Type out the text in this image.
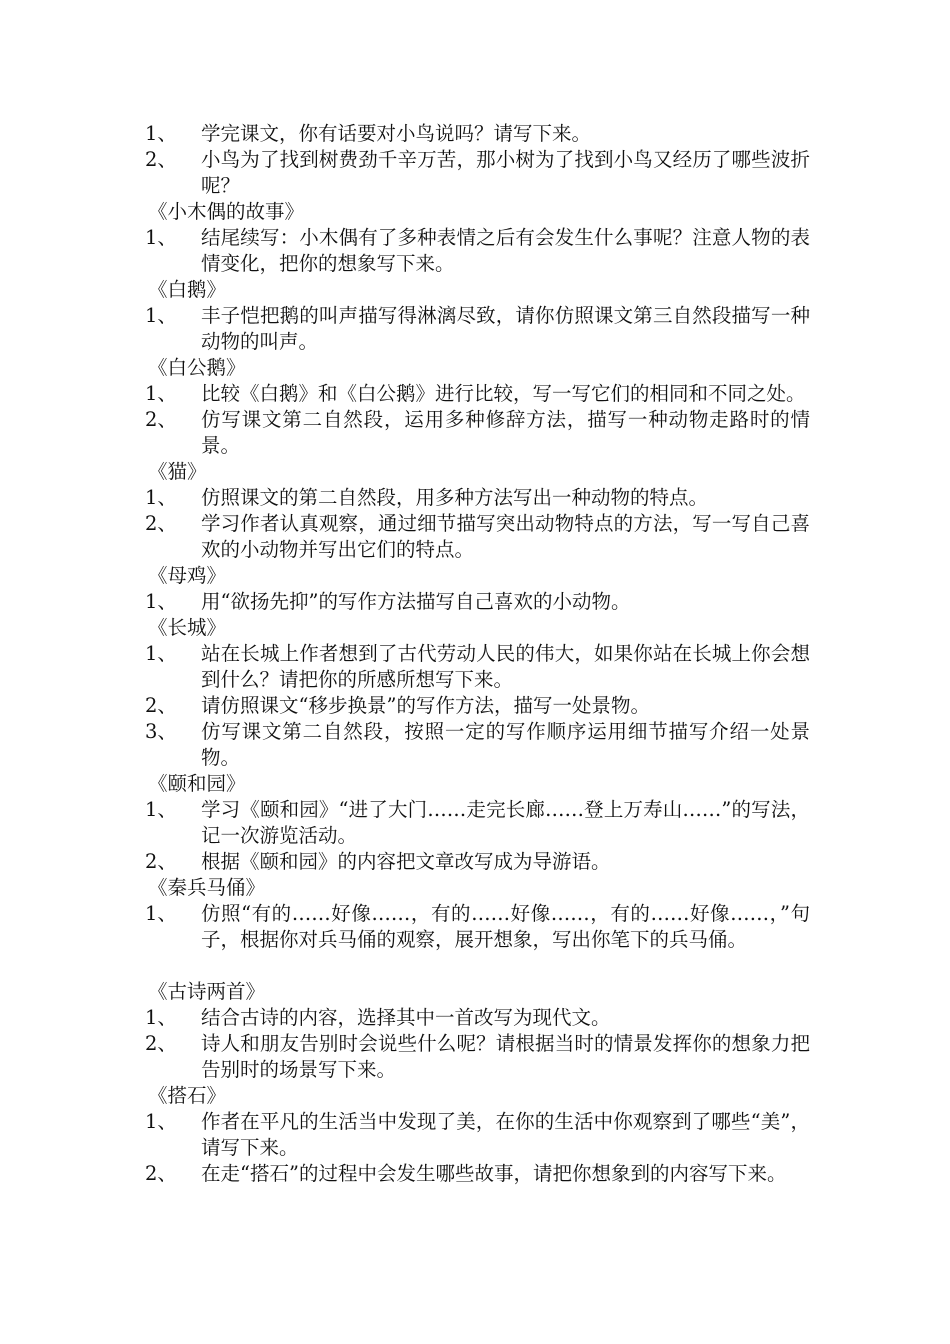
1、	学完课文，你有话要对小鸟说吗？请写下来。
2、	小鸟为了找到树费劲千辛万苦，那小树为了找到小鸟又经历了哪些波折呢？

《小木偶的故事》

1、	结尾续写：小木偶有了多种表情之后有会发生什么事呢？注意人物的表情变化，把你的想象写下来。

《白鹅》

1、	丰子恺把鹅的叫声描写得淋漓尽致，请你仿照课文第三自然段描写一种动物的叫声。

《白公鹅》

1、	比较《白鹅》和《白公鹅》进行比较，写一写它们的相同和不同之处。
2、	仿写课文第二自然段，运用多种修辞方法，描写一种动物走路时的情景。

《猫》

1、	仿照课文的第二自然段，用多种方法写出一种动物的特点。
2、	学习作者认真观察，通过细节描写突出动物特点的方法，写一写自己喜欢的小动物并写出它们的特点。

《母鸡》

1、	用“欲扬先抑”的写作方法描写自己喜欢的小动物。

《长城》

1、	站在长城上作者想到了古代劳动人民的伟大，如果你站在长城上你会想到什么？请把你的所感所想写下来。
2、	请仿照课文“移步换景”的写作方法，描写一处景物。
3、	仿写课文第二自然段，按照一定的写作顺序运用细节描写介绍一处景物。

《颐和园》

1、	学习《颐和园》“进了大门……走完长廊……登上万寿山……”的写法，记一次游览活动。
2、	根据《颐和园》的内容把文章改写成为导游语。

《秦兵马俑》

1、	仿照“有的……好像……，有的……好像……，有的……好像……，”句子，根据你对兵马俑的观察，展开想象，写出你笔下的兵马俑。

《古诗两首》

1、	结合古诗的内容，选择其中一首改写为现代文。
2、	诗人和朋友告别时会说些什么呢？请根据当时的情景发挥你的想象力把告别时的场景写下来。

《搭石》

1、	作者在平凡的生活当中发现了美，在你的生活中你观察到了哪些“美”，请写下来。
2、	在走“搭石”的过程中会发生哪些故事，请把你想象到的内容写下来。
